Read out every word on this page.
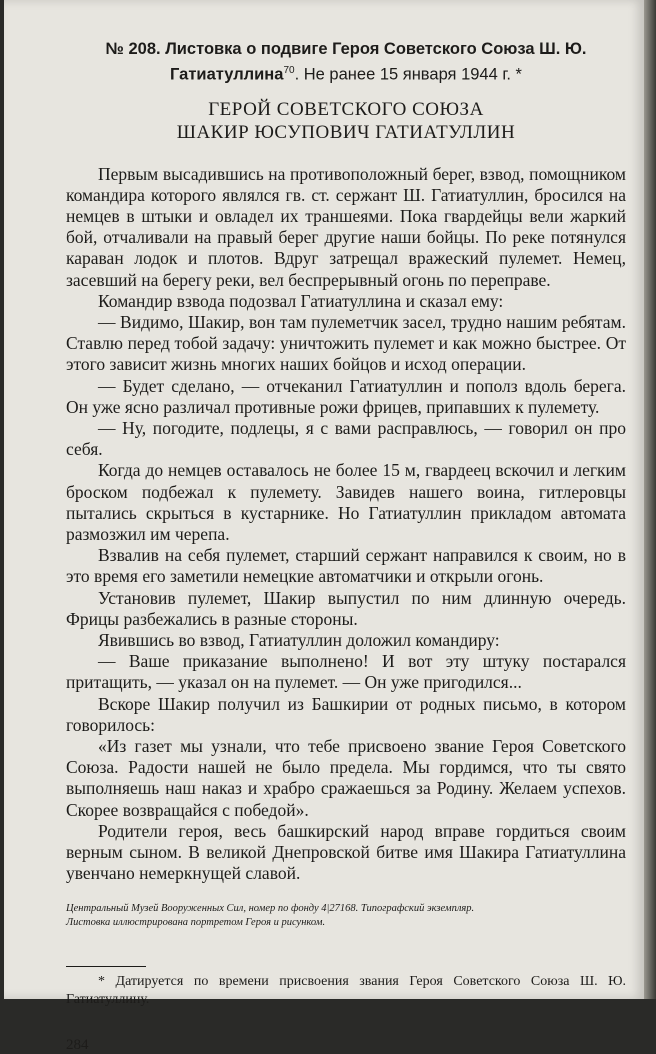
№ 208. Листовка о подвиге Героя Советского Союза Ш. Ю. Гатиатуллина$^{70}$. Не ранее 15 января 1944 г. *

ГЕРОЙ СОВЕТСКОГО СОЮЗА
ШАКИР ЮСУПОВИЧ ГАТИАТУЛЛИН

Первым высадившись на противоположный берег, взвод, помощником командира которого являлся гв. ст. сержант Ш. Гатиатуллин, бросился на немцев в штыки и овладел их траншеями. Пока гвардейцы вели жаркий бой, отчаливали на правый берег другие наши бойцы. По реке потянулся караван лодок и плотов. Вдруг затрещал вражеский пулемет. Немец, засевший на берегу реки, вел беспрерывный огонь по переправе.

Командир взвода подозвал Гатиатуллина и сказал ему:

— Видимо, Шакир, вон там пулеметчик засел, трудно нашим ребятам. Ставлю перед тобой задачу: уничтожить пулемет и как можно быстрее. От этого зависит жизнь многих наших бойцов и исход операции.

— Будет сделано, — отчеканил Гатиатуллин и пополз вдоль берега. Он уже ясно различал противные рожи фрицев, припавших к пулемету.

— Ну, погодите, подлецы, я с вами расправлюсь, — говорил он про себя.

Когда до немцев оставалось не более 15 м, гвардеец вскочил и легким броском подбежал к пулемету. Завидев нашего воина, гитлеровцы пытались скрыться в кустарнике. Но Гатиатуллин прикладом автомата размозжил им черепа.

Взвалив на себя пулемет, старший сержант направился к своим, но в это время его заметили немецкие автоматчики и открыли огонь.

Установив пулемет, Шакир выпустил по ним длинную очередь. Фрицы разбежались в разные стороны.

Явившись во взвод, Гатиатуллин доложил командиру:

— Ваше приказание выполнено! И вот эту штуку постарался притащить, — указал он на пулемет. — Он уже пригодился...

Вскоре Шакир получил из Башкирии от родных письмо, в котором говорилось:

«Из газет мы узнали, что тебе присвоено звание Героя Советского Союза. Радости нашей не было предела. Мы гордимся, что ты свято выполняешь наш наказ и храбро сражаешься за Родину. Желаем успехов. Скорее возвращайся с победой».

Родители героя, весь башкирский народ вправе гордиться своим верным сыном. В великой Днепровской битве имя Шакира Гатиатуллина увенчано немеркнущей славой.

Центральный Музей Вооруженных Сил, номер по фонду 4|27168. Типографский экземпляр.
Листовка иллюстрирована портретом Героя и рисунком.
* Датируется по времени присвоения звания Героя Советского Союза Ш. Ю. Гатиатуллину.
284
